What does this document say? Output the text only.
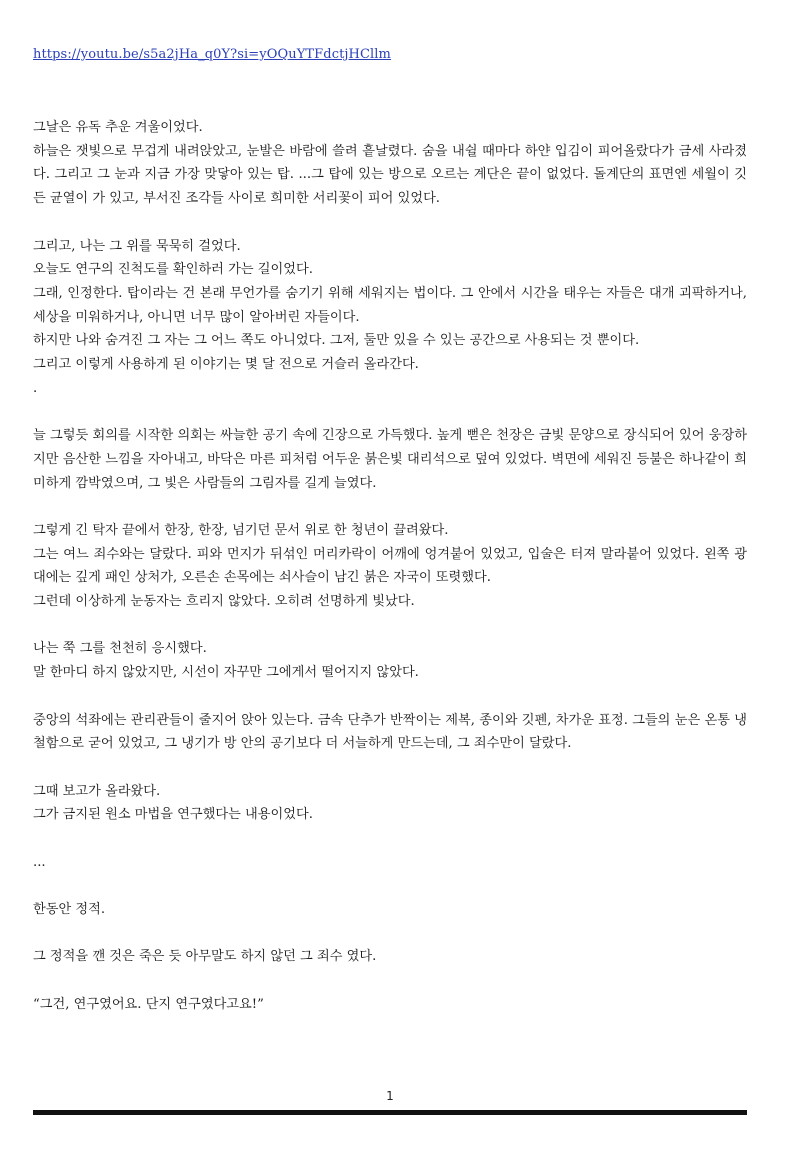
https://youtu.be/s5a2jHa_q0Y?si=yOQuYTFdctjHCllm

그날은 유독 추운 겨울이었다.

하늘은 잿빛으로 무겁게 내려앉았고, 눈발은 바람에 쓸려 흩날렸다. 숨을 내쉴 때마다 하얀 입김이 피어올랐다가 금세 사라졌다. 그리고 그 눈과 지금 가장 맞닿아 있는 탑. ...그 탑에 있는 방으로 오르는 계단은 끝이 없었다. 돌계단의 표면엔 세월이 깃든 균열이 가 있고, 부서진 조각들 사이로 희미한 서리꽃이 피어 있었다.

그리고, 나는 그 위를 묵묵히 걸었다.

오늘도 연구의 진척도를 확인하러 가는 길이었다.

그래, 인정한다. 탑이라는 건 본래 무언가를 숨기기 위해 세워지는 법이다. 그 안에서 시간을 태우는 자들은 대개 괴팍하거나, 세상을 미워하거나, 아니면 너무 많이 알아버린 자들이다.

하지만 나와 숨겨진 그 자는 그 어느 쪽도 아니었다. 그저, 둘만 있을 수 있는 공간으로 사용되는 것 뿐이다.

그리고 이렇게 사용하게 된 이야기는 몇 달 전으로 거슬러 올라간다.

.

늘 그렇듯 회의를 시작한 의회는 싸늘한 공기 속에 긴장으로 가득했다. 높게 뻗은 천장은 금빛 문양으로 장식되어 있어 웅장하지만 음산한 느낌을 자아내고, 바닥은 마른 피처럼 어두운 붉은빛 대리석으로 덮여 있었다. 벽면에 세워진 등불은 하나같이 희미하게 깜박였으며, 그 빛은 사람들의 그림자를 길게 늘였다.

그렇게 긴 탁자 끝에서 한장, 한장, 넘기던 문서 위로 한 청년이 끌려왔다.

그는 여느 죄수와는 달랐다. 피와 먼지가 뒤섞인 머리카락이 어깨에 엉겨붙어 있었고, 입술은 터져 말라붙어 있었다. 왼쪽 광대에는 깊게 패인 상처가, 오른손 손목에는 쇠사슬이 남긴 붉은 자국이 또렷했다.

그런데 이상하게 눈동자는 흐리지 않았다. 오히려 선명하게 빛났다.

나는 쭉 그를 천천히 응시했다.

말 한마디 하지 않았지만, 시선이 자꾸만 그에게서 떨어지지 않았다.

중앙의 석좌에는 관리관들이 줄지어 앉아 있는다. 금속 단추가 반짝이는 제복, 종이와 깃펜, 차가운 표정. 그들의 눈은 온통 냉철함으로 굳어 있었고, 그 냉기가 방 안의 공기보다 더 서늘하게 만드는데, 그 죄수만이 달랐다.

그때 보고가 올라왔다.

그가 금지된 원소 마법을 연구했다는 내용이었다.

...

한동안 정적.

그 정적을 깬 것은 죽은 듯 아무말도 하지 않던 그 죄수 였다.

“그건, 연구였어요. 단지 연구였다고요!”

1
